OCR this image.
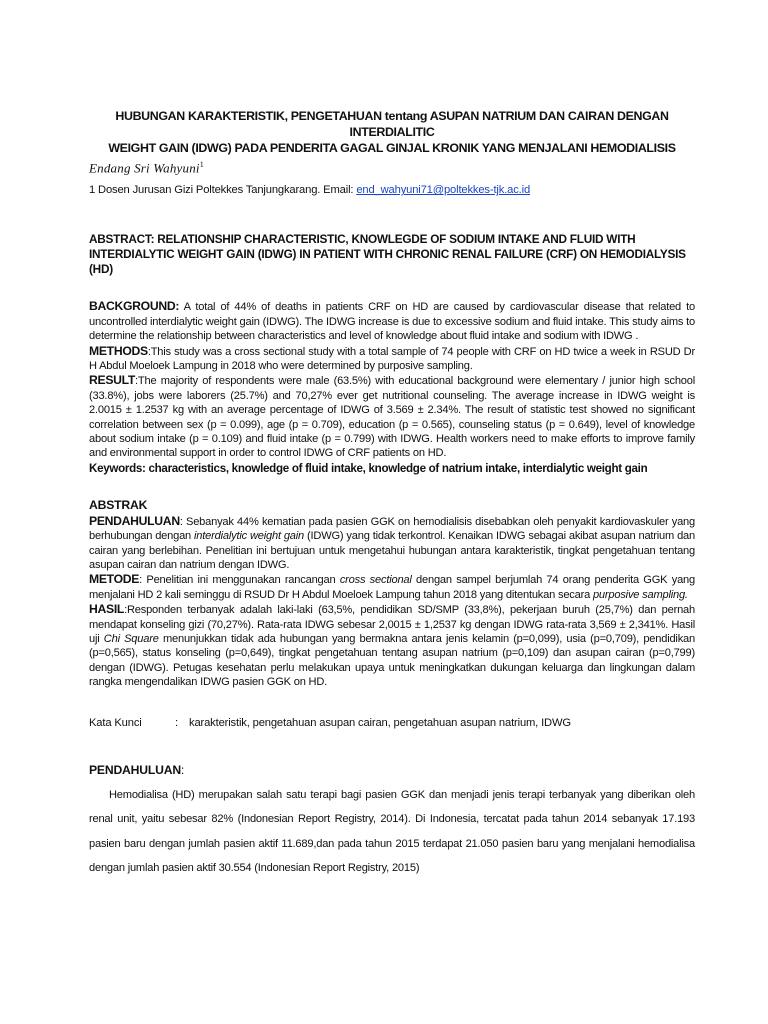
HUBUNGAN KARAKTERISTIK, PENGETAHUAN tentang ASUPAN NATRIUM DAN CAIRAN DENGAN INTERDIALITIC
WEIGHT GAIN (IDWG) PADA PENDERITA GAGAL GINJAL KRONIK YANG MENJALANI HEMODIALISIS

Endang Sri Wahyuni$^1$

1 Dosen Jurusan Gizi Poltekkes Tanjungkarang. Email: end_wahyuni71@poltekkes-tjk.ac.id

ABSTRACT: RELATIONSHIP CHARACTERISTIC, KNOWLEGDE OF SODIUM INTAKE AND FLUID WITH INTERDIALYTIC WEIGHT GAIN (IDWG) IN PATIENT WITH CHRONIC RENAL FAILURE (CRF) ON HEMODIALYSIS (HD)

BACKGROUND: A total of 44% of deaths in patients CRF on HD are caused by cardiovascular disease that related to uncontrolled interdialytic weight gain (IDWG). The IDWG increase is due to excessive sodium and fluid intake. This study aims to determine the relationship between characteristics and level of knowledge about fluid intake and sodium with IDWG .

METHODS:This study was a cross sectional study with a total sample of 74 people with CRF on HD twice a week in RSUD Dr H Abdul Moeloek Lampung in 2018 who were determined by purposive sampling.

RESULT:The majority of respondents were male (63.5%) with educational background were elementary / junior high school (33.8%), jobs were laborers (25.7%) and 70,27% ever get nutritional counseling. The average increase in IDWG weight is 2.0015 ± 1.2537 kg with an average percentage of IDWG of 3.569 ± 2.34%. The result of statistic test showed no significant correlation between sex (p = 0.099), age (p = 0.709), education (p = 0.565), counseling status (p = 0.649), level of knowledge about sodium intake (p = 0.109) and fluid intake (p = 0.799) with IDWG. Health workers need to make efforts to improve family and environmental support in order to control IDWG of CRF patients on HD.

Keywords: characteristics, knowledge of fluid intake, knowledge of natrium intake, interdialytic weight gain

ABSTRAK

PENDAHULUAN: Sebanyak 44% kematian pada pasien GGK on hemodialisis disebabkan oleh penyakit kardiovaskuler yang berhubungan dengan interdialytic weight gain (IDWG) yang tidak terkontrol. Kenaikan IDWG sebagai akibat asupan natrium dan cairan yang berlebihan. Penelitian ini bertujuan untuk mengetahui hubungan antara karakteristik, tingkat pengetahuan tentang asupan cairan dan natrium dengan IDWG.

METODE: Penelitian ini menggunakan rancangan cross sectional dengan sampel berjumlah 74 orang penderita GGK yang menjalani HD 2 kali seminggu di RSUD Dr H Abdul Moeloek Lampung tahun 2018 yang ditentukan secara purposive sampling.

HASIL:Responden terbanyak adalah laki-laki (63,5%, pendidikan SD/SMP (33,8%), pekerjaan buruh (25,7%) dan pernah mendapat konseling gizi (70,27%). Rata-rata IDWG sebesar 2,0015 ± 1,2537 kg dengan IDWG rata-rata 3,569 ± 2,341%. Hasil uji Chi Square menunjukkan tidak ada hubungan yang bermakna antara jenis kelamin (p=0,099), usia (p=0,709), pendidikan (p=0,565), status konseling (p=0,649), tingkat pengetahuan tentang asupan natrium (p=0,109) dan asupan cairan (p=0,799) dengan (IDWG). Petugas kesehatan perlu melakukan upaya untuk meningkatkan dukungan keluarga dan lingkungan dalam rangka mengendalikan IDWG pasien GGK on HD.

Kata Kunci	: karakteristik, pengetahuan asupan cairan, pengetahuan asupan natrium, IDWG

PENDAHULUAN:

Hemodialisa (HD) merupakan salah satu terapi bagi pasien GGK dan menjadi jenis terapi terbanyak yang diberikan oleh renal unit, yaitu sebesar 82% (Indonesian Report Registry, 2014). Di Indonesia, tercatat pada tahun 2014 sebanyak 17.193 pasien baru dengan jumlah pasien aktif 11.689,dan pada tahun 2015 terdapat 21.050 pasien baru yang menjalani hemodialisa dengan jumlah pasien aktif 30.554 (Indonesian Report Registry, 2015)
